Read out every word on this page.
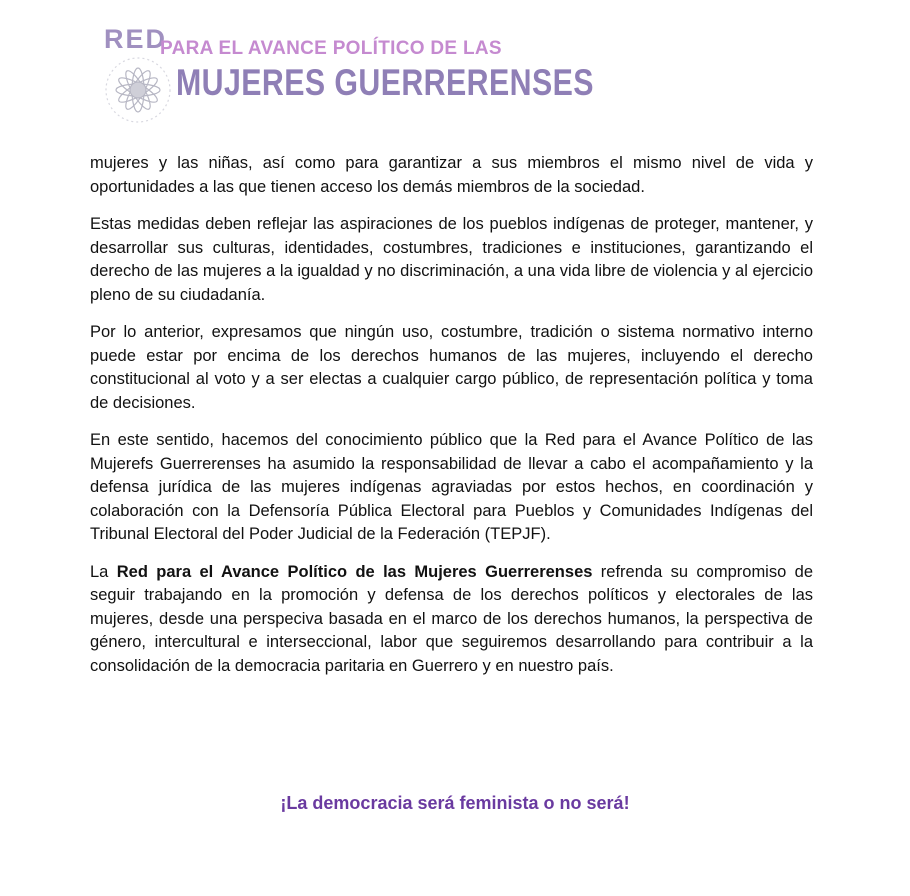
RED
PARA EL AVANCE POLÍTICO DE LAS
MUJERES GUERRERENSES

mujeres y las niñas, así como para garantizar a sus miembros el mismo nivel de vida y oportunidades a las que tienen acceso los demás miembros de la sociedad.

Estas medidas deben reflejar las aspiraciones de los pueblos indígenas de proteger, mantener, y desarrollar sus culturas, identidades, costumbres, tradiciones e instituciones, garantizando el derecho de las mujeres a la igualdad y no discriminación, a una vida libre de violencia y al ejercicio pleno de su ciudadanía.

Por lo anterior, expresamos que ningún uso, costumbre, tradición o sistema normativo interno puede estar por encima de los derechos humanos de las mujeres, incluyendo el derecho constitucional al voto y a ser electas a cualquier cargo público, de representación política y toma de decisiones.

En este sentido, hacemos del conocimiento público que la Red para el Avance Político de las Mujerefs Guerrerenses ha asumido la responsabilidad de llevar a cabo el acompañamiento y la defensa jurídica de las mujeres indígenas agraviadas por estos hechos, en coordinación y colaboración con la Defensoría Pública Electoral para Pueblos y Comunidades Indígenas del Tribunal Electoral del Poder Judicial de la Federación (TEPJF).

La Red para el Avance Político de las Mujeres Guerrerenses refrenda su compromiso de seguir trabajando en la promoción y defensa de los derechos políticos y electorales de las mujeres, desde una perspeciva basada en el marco de los derechos humanos, la perspectiva de género, intercultural e interseccional, labor que seguiremos desarrollando para contribuir a la consolidación de la democracia paritaria en Guerrero y en nuestro país.

¡La democracia será feminista o no será!
